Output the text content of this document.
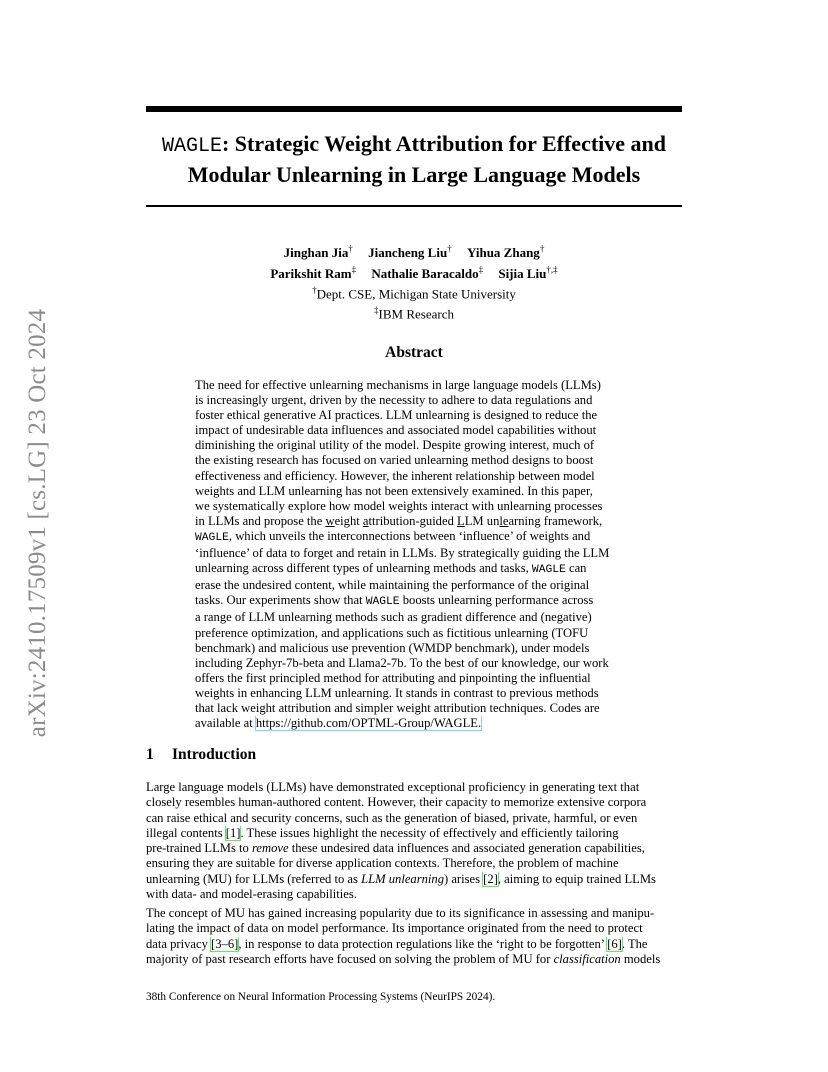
arXiv:2410.17509v1 [cs.LG] 23 Oct 2024
WAGLE: Strategic Weight Attribution for Effective and
Modular Unlearning in Large Language Models
Jinghan Jia† Jiancheng Liu† Yihua Zhang†
Parikshit Ram‡ Nathalie Baracaldo‡ Sijia Liu†,‡
†Dept. CSE, Michigan State University
‡IBM Research
Abstract
The need for effective unlearning mechanisms in large language models (LLMs)
is increasingly urgent, driven by the necessity to adhere to data regulations and
foster ethical generative AI practices. LLM unlearning is designed to reduce the
impact of undesirable data influences and associated model capabilities without
diminishing the original utility of the model. Despite growing interest, much of
the existing research has focused on varied unlearning method designs to boost
effectiveness and efficiency. However, the inherent relationship between model
weights and LLM unlearning has not been extensively examined. In this paper,
we systematically explore how model weights interact with unlearning processes
in LLMs and propose the weight attribution-guided LLM unlearning framework,
WAGLE, which unveils the interconnections between ‘influence’ of weights and
‘influence’ of data to forget and retain in LLMs. By strategically guiding the LLM
unlearning across different types of unlearning methods and tasks, WAGLE can
erase the undesired content, while maintaining the performance of the original
tasks. Our experiments show that WAGLE boosts unlearning performance across
a range of LLM unlearning methods such as gradient difference and (negative)
preference optimization, and applications such as fictitious unlearning (TOFU
benchmark) and malicious use prevention (WMDP benchmark), under models
including Zephyr-7b-beta and Llama2-7b. To the best of our knowledge, our work
offers the first principled method for attributing and pinpointing the influential
weights in enhancing LLM unlearning. It stands in contrast to previous methods
that lack weight attribution and simpler weight attribution techniques. Codes are
available at https://github.com/OPTML-Group/WAGLE.
1 Introduction
Large language models (LLMs) have demonstrated exceptional proficiency in generating text that
closely resembles human-authored content. However, their capacity to memorize extensive corpora
can raise ethical and security concerns, such as the generation of biased, private, harmful, or even
illegal contents [1]. These issues highlight the necessity of effectively and efficiently tailoring
pre-trained LLMs to remove these undesired data influences and associated generation capabilities,
ensuring they are suitable for diverse application contexts. Therefore, the problem of machine
unlearning (MU) for LLMs (referred to as LLM unlearning) arises [2], aiming to equip trained LLMs
with data- and model-erasing capabilities.
The concept of MU has gained increasing popularity due to its significance in assessing and manipu-
lating the impact of data on model performance. Its importance originated from the need to protect
data privacy [3–6], in response to data protection regulations like the ‘right to be forgotten’ [6]. The
majority of past research efforts have focused on solving the problem of MU for classification models
38th Conference on Neural Information Processing Systems (NeurIPS 2024).
